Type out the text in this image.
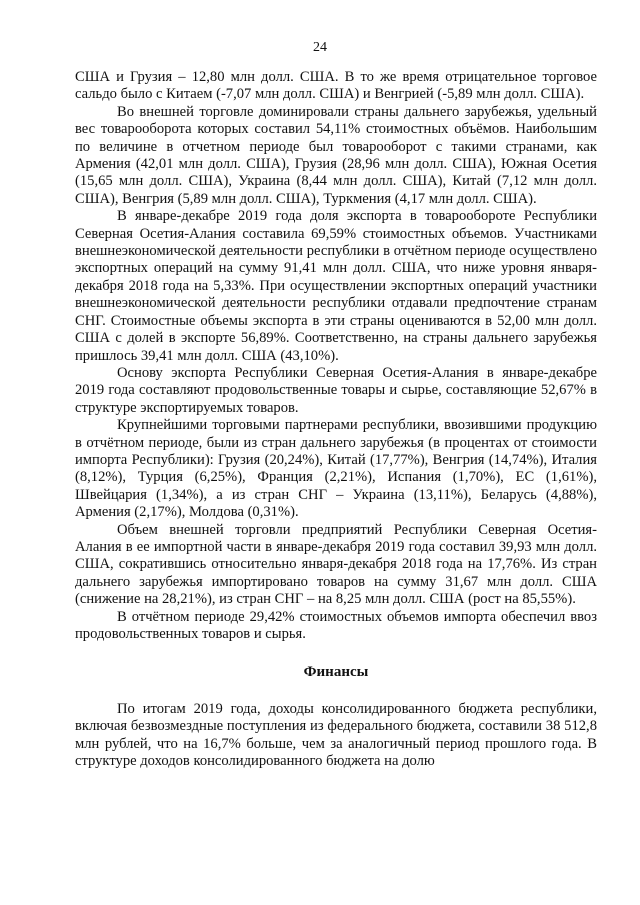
24

США и Грузия – 12,80 млн долл. США. В то же время отрицательное торговое сальдо было с Китаем (-7,07 млн долл. США) и Венгрией (-5,89 млн долл. США).

Во внешней торговле доминировали страны дальнего зарубежья, удельный вес товарооборота которых составил 54,11% стоимостных объёмов. Наибольшим по величине в отчетном периоде был товарооборот с такими странами, как Армения (42,01 млн долл. США), Грузия (28,96 млн долл. США), Южная Осетия (15,65 млн долл. США), Украина (8,44 млн долл. США), Китай (7,12 млн долл. США), Венгрия (5,89 млн долл. США), Туркмения (4,17 млн долл. США).

В январе-декабре 2019 года доля экспорта в товарообороте Республики Северная Осетия-Алания составила 69,59% стоимостных объемов. Участниками внешнеэкономической деятельности республики в отчётном периоде осуществлено экспортных операций на сумму 91,41 млн долл. США, что ниже уровня января-декабря 2018 года на 5,33%. При осуществлении экспортных операций участники внешнеэкономической деятельности республики отдавали предпочтение странам СНГ. Стоимостные объемы экспорта в эти страны оцениваются в 52,00 млн долл. США с долей в экспорте 56,89%. Соответственно, на страны дальнего зарубежья пришлось 39,41 млн долл. США (43,10%).

Основу экспорта Республики Северная Осетия-Алания в январе-декабре 2019 года составляют продовольственные товары и сырье, составляющие 52,67% в структуре экспортируемых товаров.

Крупнейшими торговыми партнерами республики, ввозившими продукцию в отчётном периоде, были из стран дальнего зарубежья (в процентах от стоимости импорта Республики): Грузия (20,24%), Китай (17,77%), Венгрия (14,74%), Италия (8,12%), Турция (6,25%), Франция (2,21%), Испания (1,70%), ЕС (1,61%), Швейцария (1,34%), а из стран СНГ – Украина (13,11%), Беларусь (4,88%), Армения (2,17%), Молдова (0,31%).

Объем внешней торговли предприятий Республики Северная Осетия-Алания в ее импортной части в январе-декабря 2019 года составил 39,93 млн долл. США, сократившись относительно января-декабря 2018 года на 17,76%. Из стран дальнего зарубежья импортировано товаров на сумму 31,67 млн долл. США (снижение на 28,21%), из стран СНГ – на 8,25 млн долл. США (рост на 85,55%).

В отчётном периоде 29,42% стоимостных объемов импорта обеспечил ввоз продовольственных товаров и сырья.

Финансы

По итогам 2019 года, доходы консолидированного бюджета республики, включая безвозмездные поступления из федерального бюджета, составили 38 512,8 млн рублей, что на 16,7% больше, чем за аналогичный период прошлого года. В структуре доходов консолидированного бюджета на долю
